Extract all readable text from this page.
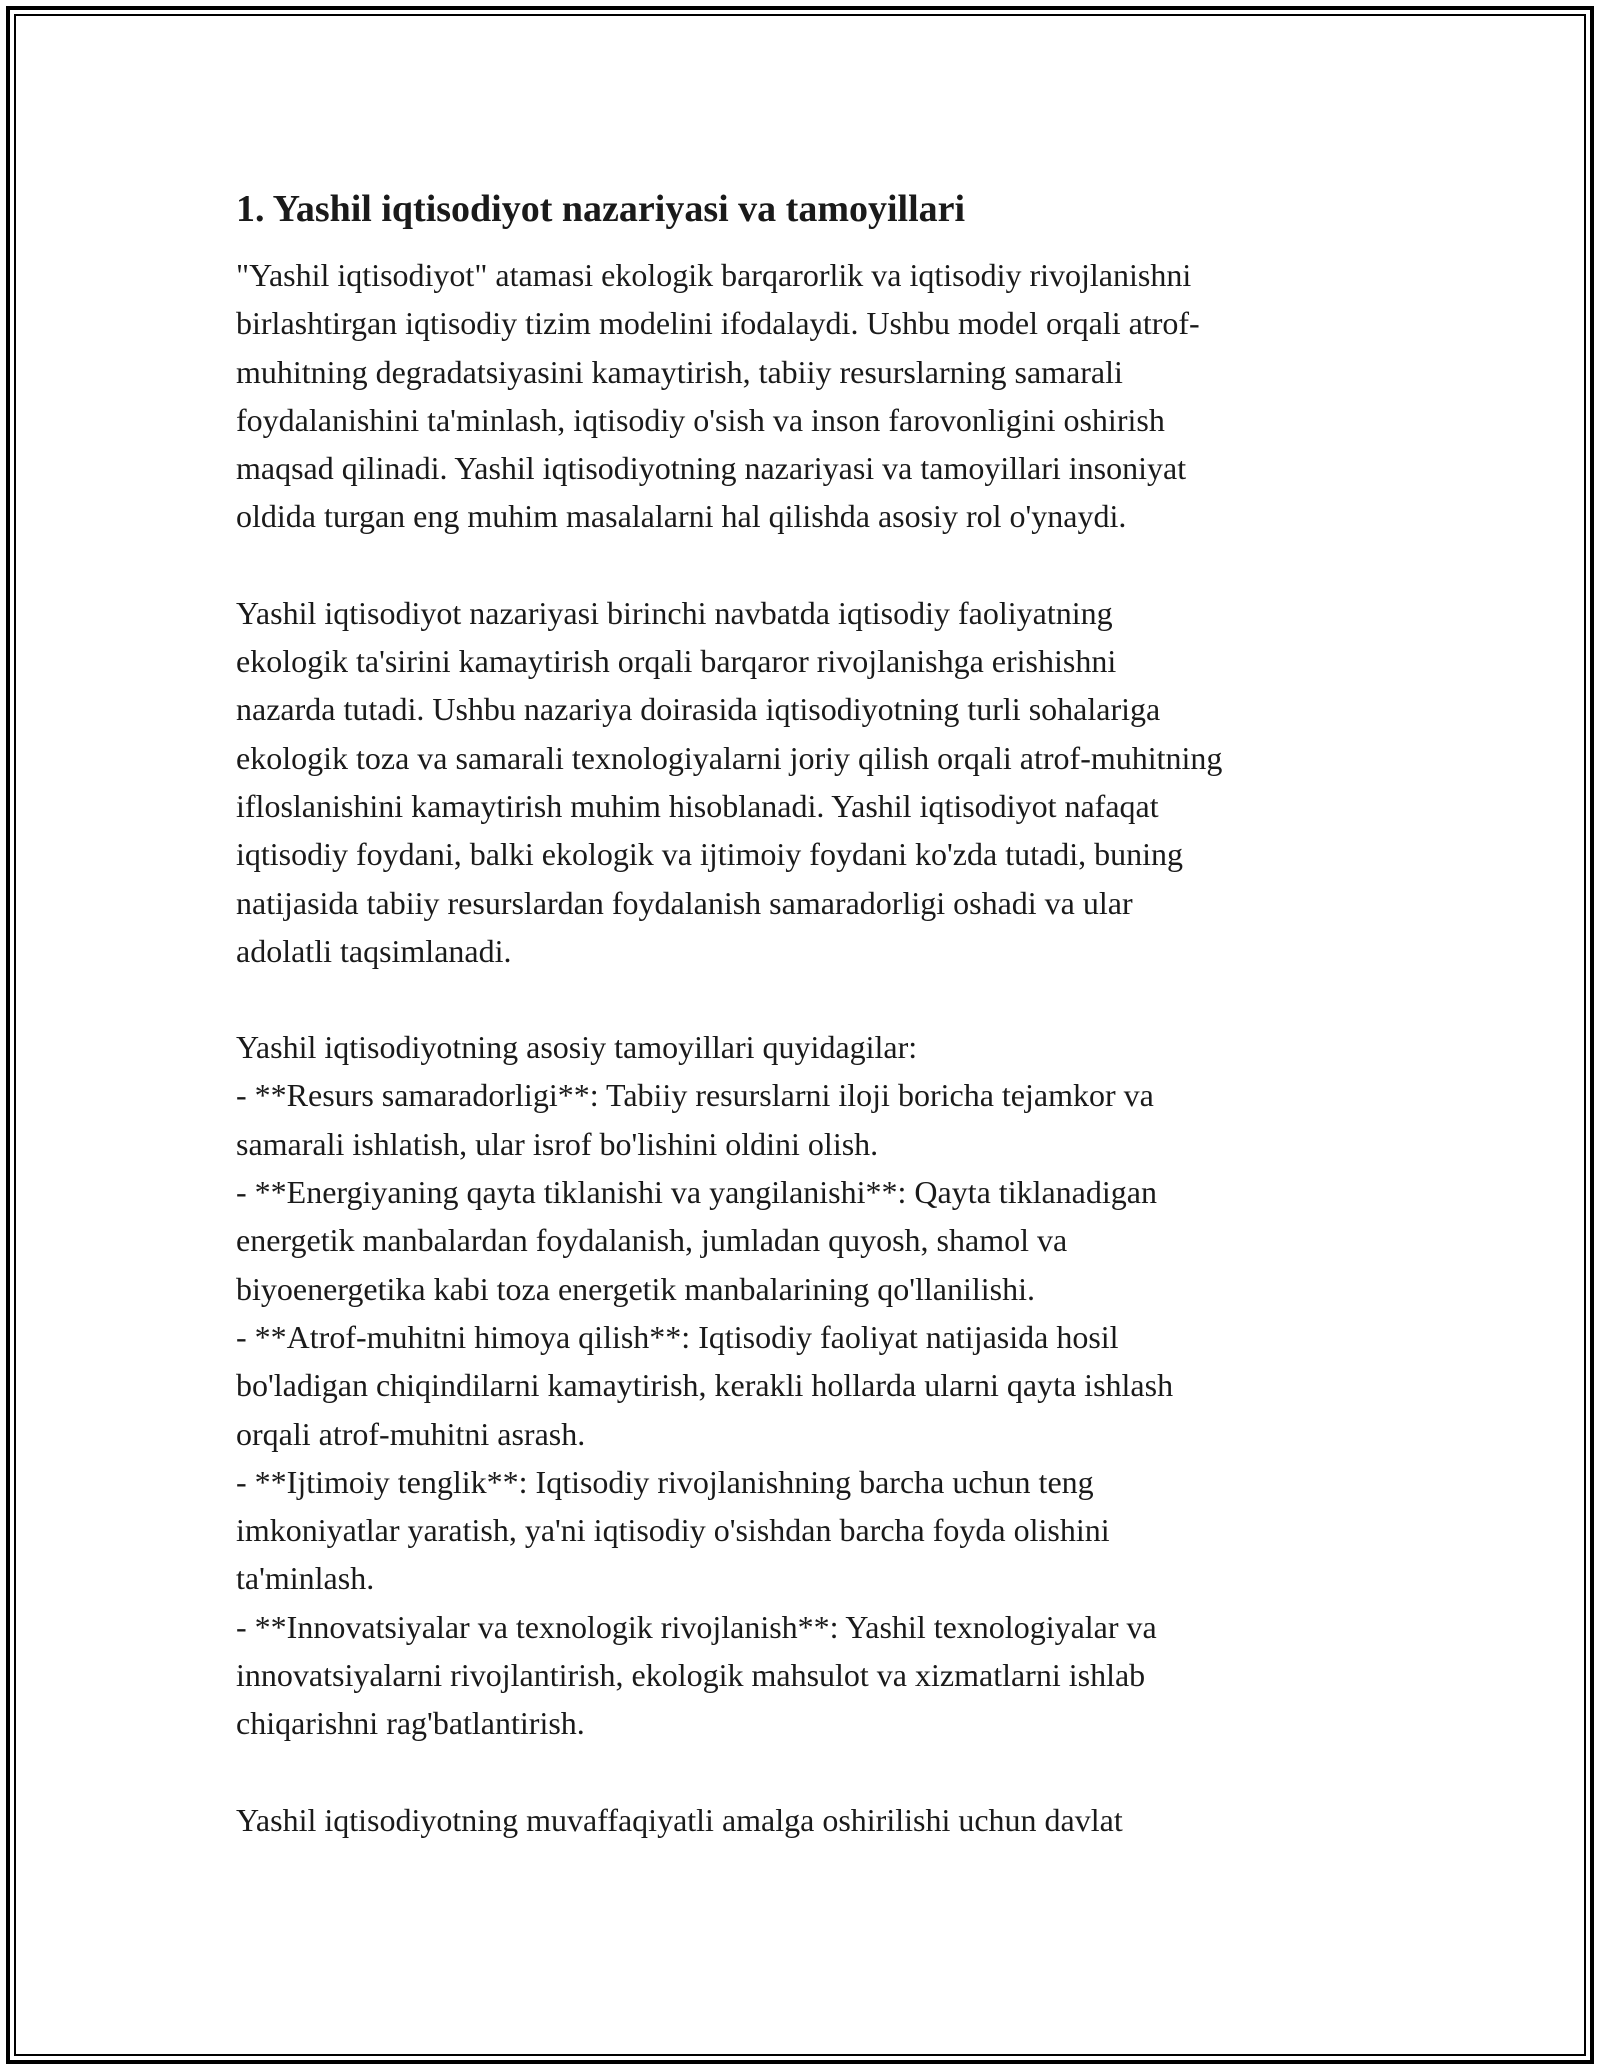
1. Yashil iqtisodiyot nazariyasi va tamoyillari

"Yashil iqtisodiyot" atamasi ekologik barqarorlik va iqtisodiy rivojlanishni
birlashtirgan iqtisodiy tizim modelini ifodalaydi. Ushbu model orqali atrof-
muhitning degradatsiyasini kamaytirish, tabiiy resurslarning samarali
foydalanishini ta'minlash, iqtisodiy o'sish va inson farovonligini oshirish
maqsad qilinadi. Yashil iqtisodiyotning nazariyasi va tamoyillari insoniyat
oldida turgan eng muhim masalalarni hal qilishda asosiy rol o'ynaydi.

Yashil iqtisodiyot nazariyasi birinchi navbatda iqtisodiy faoliyatning
ekologik ta'sirini kamaytirish orqali barqaror rivojlanishga erishishni
nazarda tutadi. Ushbu nazariya doirasida iqtisodiyotning turli sohalariga
ekologik toza va samarali texnologiyalarni joriy qilish orqali atrof-muhitning
ifloslanishini kamaytirish muhim hisoblanadi. Yashil iqtisodiyot nafaqat
iqtisodiy foydani, balki ekologik va ijtimoiy foydani ko'zda tutadi, buning
natijasida tabiiy resurslardan foydalanish samaradorligi oshadi va ular
adolatli taqsimlanadi.

Yashil iqtisodiyotning asosiy tamoyillari quyidagilar:
- **Resurs samaradorligi**: Tabiiy resurslarni iloji boricha tejamkor va
samarali ishlatish, ular isrof bo'lishini oldini olish.
- **Energiyaning qayta tiklanishi va yangilanishi**: Qayta tiklanadigan
energetik manbalardan foydalanish, jumladan quyosh, shamol va
biyoenergetika kabi toza energetik manbalarining qo'llanilishi.
- **Atrof-muhitni himoya qilish**: Iqtisodiy faoliyat natijasida hosil
bo'ladigan chiqindilarni kamaytirish, kerakli hollarda ularni qayta ishlash
orqali atrof-muhitni asrash.
- **Ijtimoiy tenglik**: Iqtisodiy rivojlanishning barcha uchun teng
imkoniyatlar yaratish, ya'ni iqtisodiy o'sishdan barcha foyda olishini
ta'minlash.
- **Innovatsiyalar va texnologik rivojlanish**: Yashil texnologiyalar va
innovatsiyalarni rivojlantirish, ekologik mahsulot va xizmatlarni ishlab
chiqarishni rag'batlantirish.

Yashil iqtisodiyotning muvaffaqiyatli amalga oshirilishi uchun davlat
